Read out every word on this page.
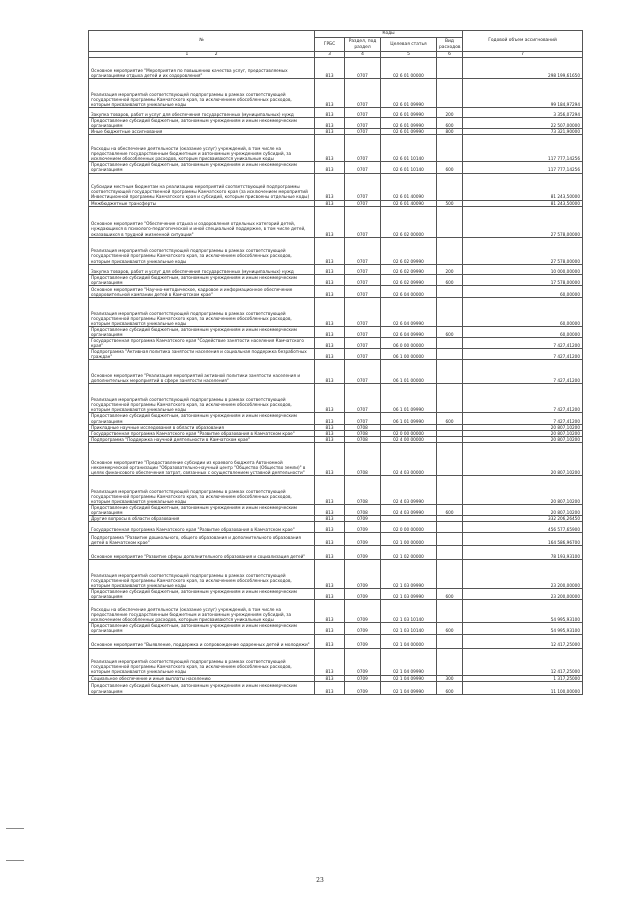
№	Коды				Годовой объем ассигнований
	ГРБС	Раздел, под раздел	Целевая статья	Вид расходов	
1 2	3	4	5	6	7
Основное мероприятие "Мероприятия по повышению качества услуг, предоставляемых организациями отдыха детей и их оздоровления"	813	0707	02 6 01 00000		298 199,61650
Реализация мероприятий соответствующей подпрограммы в рамках соответствующей государственной программы Камчатского края, за исключением обособленных расходов, которым присваиваются уникальные коды	813	0707	02 6 01 09990		99 184,97294
Закупка товаров, работ и услуг для обеспечения государственных (муниципальных) нужд	813	0707	02 6 01 09990	200	3 356,07294
Предоставление субсидий бюджетным, автономным учреждениям и иным некоммерческим организациям	813	0707	02 6 01 09990	600	22 507,00000
Иные бюджетные ассигнования	813	0707	02 6 01 09990	800	73 321,90000
Расходы на обеспечение деятельности (оказание услуг) учреждений, в том числе на предоставление государственным бюджетным и автономным учреждениям субсидий, за исключением обособленных расходов, которым присваиваются уникальные коды	813	0707	02 6 01 10140		117 777,14256
Предоставление субсидий бюджетным, автономным учреждениям и иным некоммерческим организациям	813	0707	02 6 01 10140	600	117 777,14256
Субсидии местным бюджетам на реализацию мероприятий соответствующей подпрограммы соответствующей государственной программы Камчатского края (за исключением мероприятий Инвестиционной программы Камчатского края и субсидий, которым присвоены отдельные коды)	813	0707	02 6 01 40090		81 243,50000
Межбюджетные трансферты	813	0707	02 6 01 40090	500	81 243,50000
Основное мероприятие "Обеспечение отдыха и оздоровления отдельных категорий детей, нуждающихся в психолого-педагогической и иной специальной поддержке, в том числе детей, оказавшихся в трудной жизненной ситуации"	813	0707	02 6 02 00000		27 578,00000
Реализация мероприятий соответствующей подпрограммы в рамках соответствующей государственной программы Камчатского края, за исключением обособленных расходов, которым присваиваются уникальные коды	813	0707	02 6 02 09990		27 578,00000
Закупка товаров, работ и услуг для обеспечения государственных (муниципальных) нужд	813	0707	02 6 02 09990	200	10 000,00000
Предоставление субсидий бюджетным, автономным учреждениям и иным некоммерческим организациям	813	0707	02 6 02 09990	600	17 578,00000
Основное мероприятие "Научно-методическое, кадровое и информационное обеспечение оздоровительной кампании детей в Камчатском крае"	813	0707	02 6 04 00000		60,00000
Реализация мероприятий соответствующей подпрограммы в рамках соответствующей государственной программы Камчатского края, за исключением обособленных расходов, которым присваиваются уникальные коды	813	0707	02 6 04 09990		60,00000
Предоставление субсидий бюджетным, автономным учреждениям и иным некоммерческим организациям	813	0707	02 6 04 09990	600	60,00000
Государственная программа Камчатского края "Содействие занятости населения Камчатского края"	813	0707	06 0 00 00000		7 427,41200
Подпрограмма "Активная политика занятости населения и социальная поддержка безработных граждан"	813	0707	06 1 00 00000		7 427,41200
Основное мероприятие "Реализация мероприятий активной политики занятости населения и дополнительных мероприятий в сфере занятости населения"	813	0707	06 1 01 00000		7 427,41200
Реализация мероприятий соответствующей подпрограммы в рамках соответствующей государственной программы Камчатского края, за исключением обособленных расходов, которым присваиваются уникальные коды	813	0707	06 1 01 09990		7 427,41200
Предоставление субсидий бюджетным, автономным учреждениям и иным некоммерческим организациям	813	0707	06 1 01 09990	600	7 427,41200
Прикладные научные исследования в области образования	813	0708			20 807,10200
Государственная программа Камчатского края "Развитие образования в Камчатском крае"	813	0708	02 0 00 00000		20 807,10200
Подпрограмма "Поддержка научной деятельности в Камчатском крае"	813	0708	02 4 00 00000		20 807,10200
Основное мероприятие "Предоставление субсидии из краевого бюджета Автономной некоммерческой организации "Образовательно-научный центр "Общество (Общество земли)" в целях финансового обеспечения затрат, связанных с осуществлением уставной деятельности"	813	0708	02 4 03 00000		20 807,10200
Реализация мероприятий соответствующей подпрограммы в рамках соответствующей государственной программы Камчатского края, за исключением обособленных расходов, которым присваиваются уникальные коды	813	0708	02 4 03 09990		20 807,10200
Предоставление субсидий бюджетным, автономным учреждениям и иным некоммерческим организациям	813	0708	02 4 03 09990	600	20 807,10200
Другие вопросы в области образования	813	0709			332 206,26450
Государственная программа Камчатского края "Развитие образования в Камчатском крае"	813	0709	02 0 00 00000		456 577,65900
Подпрограмма "Развитие дошкольного, общего образования и дополнительного образования детей в Камчатском крае"	813	0709	02 1 00 00000		164 586,96700
Основное мероприятие "Развитие сферы дополнительного образования и социализация детей"	813	0709	02 1 02 00000		78 193,93100
Реализация мероприятий соответствующей подпрограммы в рамках соответствующей государственной программы Камчатского края, за исключением обособленных расходов, которым присваиваются уникальные коды	813	0709	02 1 03 09990		23 200,00000
Предоставление субсидий бюджетным, автономным учреждениям и иным некоммерческим организациям	813	0709	02 1 03 09990	600	23 200,00000
Расходы на обеспечение деятельности (оказание услуг) учреждений, в том числе на предоставление государственным бюджетным и автономным учреждениям субсидий, за исключением обособленных расходов, которым присваиваются уникальные коды	813	0709	02 1 03 10140		54 995,93100
Предоставление субсидий бюджетным, автономным учреждениям и иным некоммерческим организациям	813	0709	02 1 03 10140	600	54 995,93100
Основное мероприятие "Выявление, поддержка и сопровождение одаренных детей и молодежи"	813	0709	02 1 04 00000		12 417,25000
Реализация мероприятий соответствующей подпрограммы в рамках соответствующей государственной программы Камчатского края, за исключением обособленных расходов, которым присваиваются уникальные коды	813	0709	02 1 04 09990		12 417,25000
Социальное обеспечение и иные выплаты населению	813	0709	02 1 04 09990	300	1 317,25000
Предоставление субсидий бюджетным, автономным учреждениям и иным некоммерческим организациям	813	0709	02 1 04 09990	600	11 100,00000
23
